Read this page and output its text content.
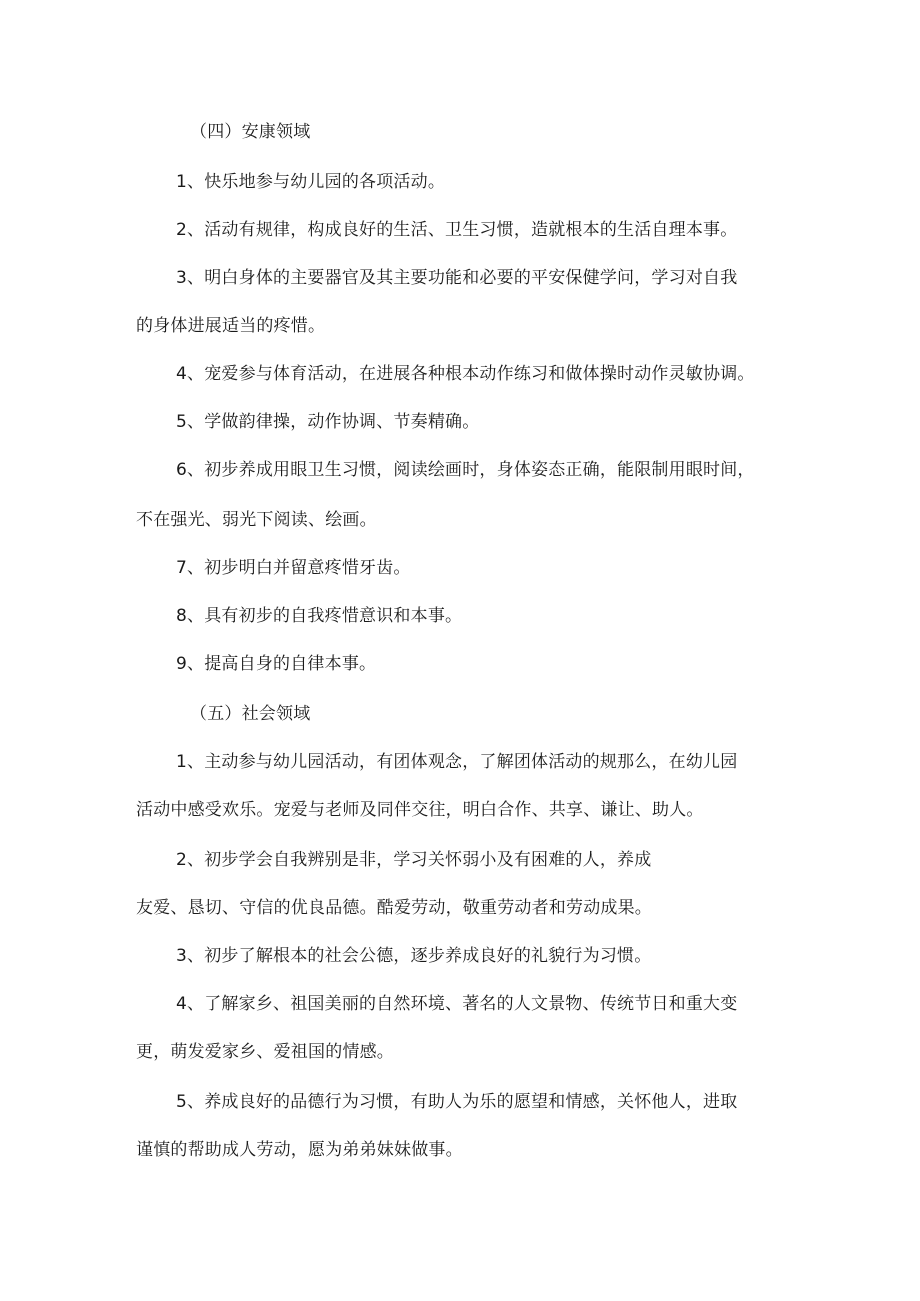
（四）安康领域
1、快乐地参与幼儿园的各项活动。
2、活动有规律，构成良好的生活、卫生习惯，造就根本的生活自理本事。
3、明白身体的主要器官及其主要功能和必要的平安保健学问，学习对自我
的身体进展适当的疼惜。
4、宠爱参与体育活动，在进展各种根本动作练习和做体操时动作灵敏协调。
5、学做韵律操，动作协调、节奏精确。
6、初步养成用眼卫生习惯，阅读绘画时，身体姿态正确，能限制用眼时间，
不在强光、弱光下阅读、绘画。
7、初步明白并留意疼惜牙齿。
8、具有初步的自我疼惜意识和本事。
9、提高自身的自律本事。
（五）社会领域
1、主动参与幼儿园活动，有团体观念，了解团体活动的规那么，在幼儿园
活动中感受欢乐。宠爱与老师及同伴交往，明白合作、共享、谦让、助人。
2、初步学会自我辨别是非，学习关怀弱小及有困难的人，养成
友爱、恳切、守信的优良品德。酷爱劳动，敬重劳动者和劳动成果。
3、初步了解根本的社会公德，逐步养成良好的礼貌行为习惯。
4、了解家乡、祖国美丽的自然环境、著名的人文景物、传统节日和重大变
更，萌发爱家乡、爱祖国的情感。
5、养成良好的品德行为习惯，有助人为乐的愿望和情感，关怀他人，进取
谨慎的帮助成人劳动，愿为弟弟妹妹做事。
